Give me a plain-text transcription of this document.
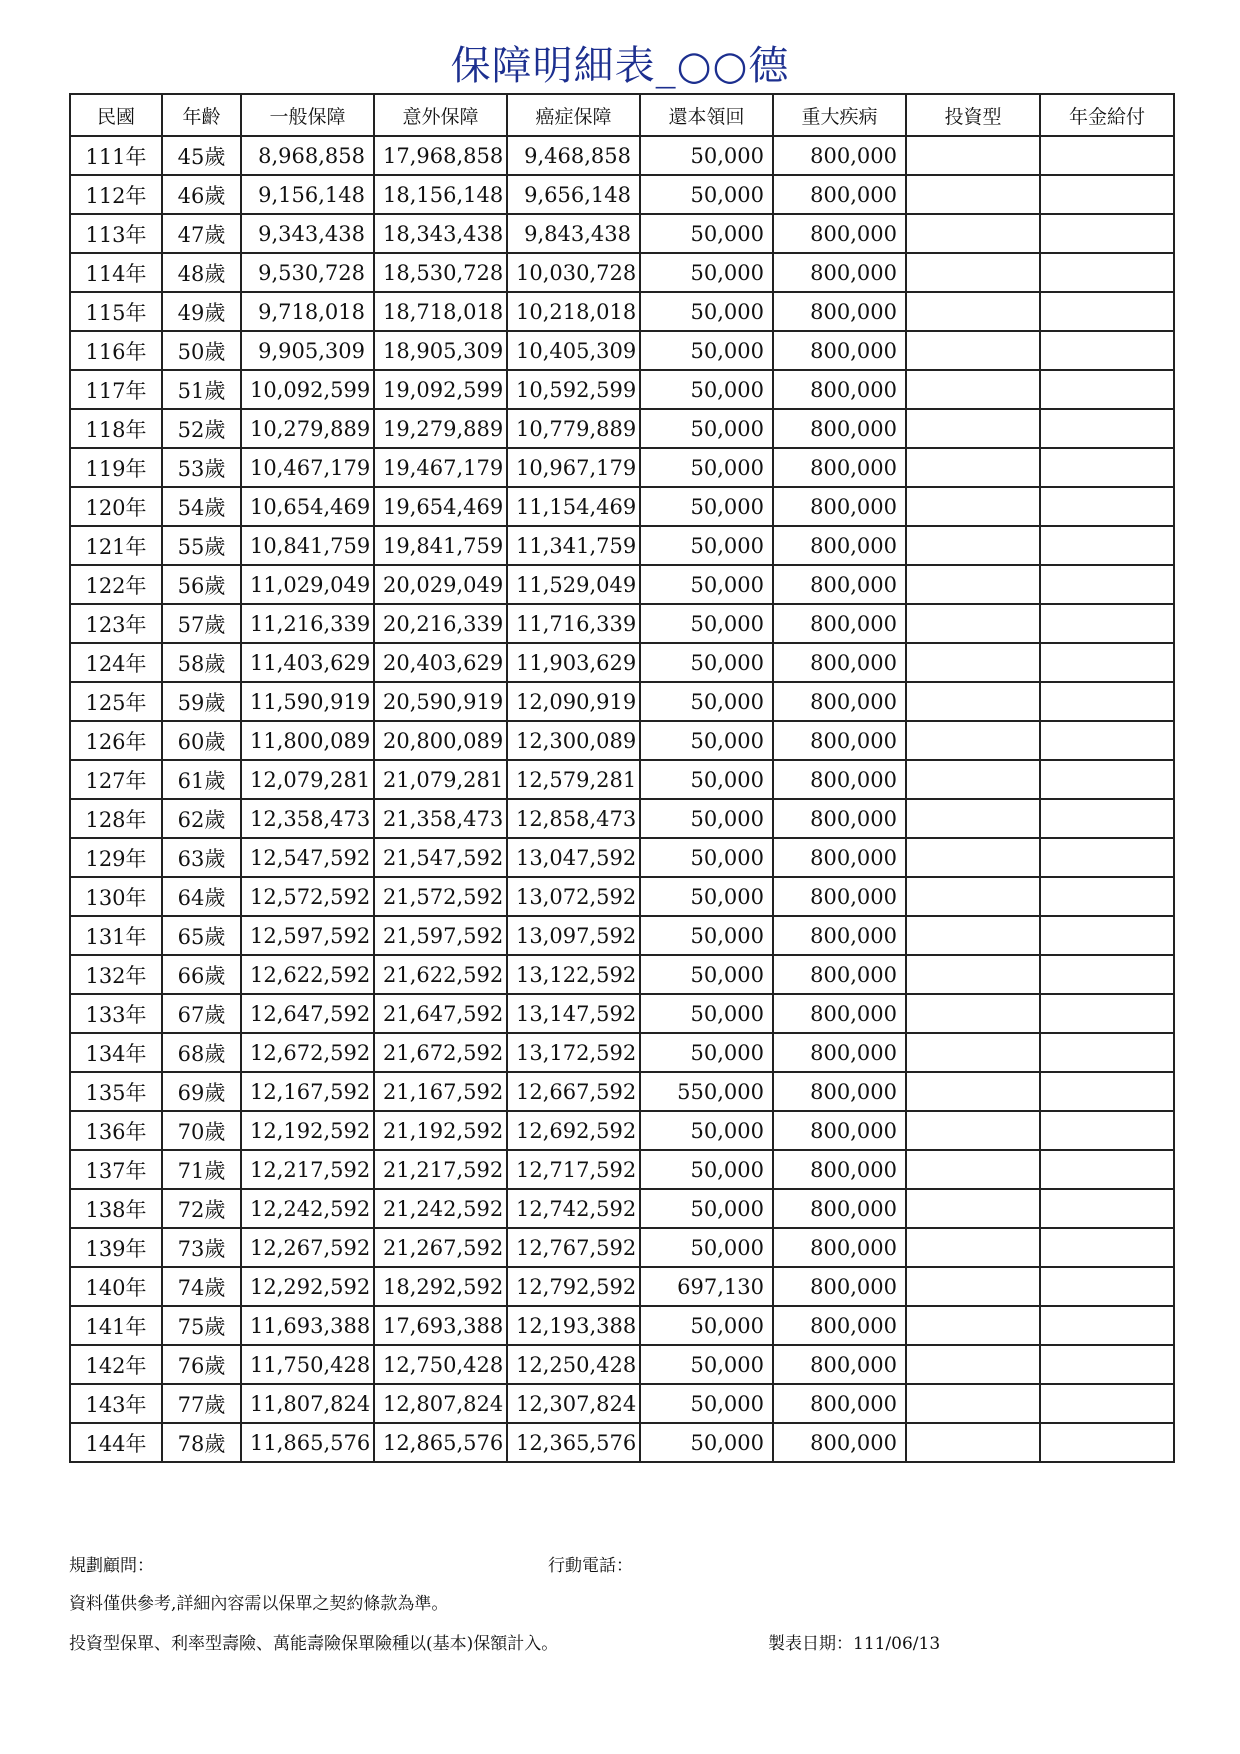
保障明細表_○○德
民國	年齡	一般保障	意外保障	癌症保障	還本領回	重大疾病	投資型	年金給付
111年	45歲	8,968,858	17,968,858	9,468,858	50,000	800,000		
112年	46歲	9,156,148	18,156,148	9,656,148	50,000	800,000		
113年	47歲	9,343,438	18,343,438	9,843,438	50,000	800,000		
114年	48歲	9,530,728	18,530,728	10,030,728	50,000	800,000		
115年	49歲	9,718,018	18,718,018	10,218,018	50,000	800,000		
116年	50歲	9,905,309	18,905,309	10,405,309	50,000	800,000		
117年	51歲	10,092,599	19,092,599	10,592,599	50,000	800,000		
118年	52歲	10,279,889	19,279,889	10,779,889	50,000	800,000		
119年	53歲	10,467,179	19,467,179	10,967,179	50,000	800,000		
120年	54歲	10,654,469	19,654,469	11,154,469	50,000	800,000		
121年	55歲	10,841,759	19,841,759	11,341,759	50,000	800,000		
122年	56歲	11,029,049	20,029,049	11,529,049	50,000	800,000		
123年	57歲	11,216,339	20,216,339	11,716,339	50,000	800,000		
124年	58歲	11,403,629	20,403,629	11,903,629	50,000	800,000		
125年	59歲	11,590,919	20,590,919	12,090,919	50,000	800,000		
126年	60歲	11,800,089	20,800,089	12,300,089	50,000	800,000		
127年	61歲	12,079,281	21,079,281	12,579,281	50,000	800,000		
128年	62歲	12,358,473	21,358,473	12,858,473	50,000	800,000		
129年	63歲	12,547,592	21,547,592	13,047,592	50,000	800,000		
130年	64歲	12,572,592	21,572,592	13,072,592	50,000	800,000		
131年	65歲	12,597,592	21,597,592	13,097,592	50,000	800,000		
132年	66歲	12,622,592	21,622,592	13,122,592	50,000	800,000		
133年	67歲	12,647,592	21,647,592	13,147,592	50,000	800,000		
134年	68歲	12,672,592	21,672,592	13,172,592	50,000	800,000		
135年	69歲	12,167,592	21,167,592	12,667,592	550,000	800,000		
136年	70歲	12,192,592	21,192,592	12,692,592	50,000	800,000		
137年	71歲	12,217,592	21,217,592	12,717,592	50,000	800,000		
138年	72歲	12,242,592	21,242,592	12,742,592	50,000	800,000		
139年	73歲	12,267,592	21,267,592	12,767,592	50,000	800,000		
140年	74歲	12,292,592	18,292,592	12,792,592	697,130	800,000		
141年	75歲	11,693,388	17,693,388	12,193,388	50,000	800,000		
142年	76歲	11,750,428	12,750,428	12,250,428	50,000	800,000		
143年	77歲	11,807,824	12,807,824	12,307,824	50,000	800,000		
144年	78歲	11,865,576	12,865,576	12,365,576	50,000	800,000		
規劃顧問：	行動電話：
資料僅供參考,詳細內容需以保單之契約條款為準。
投資型保單、利率型壽險、萬能壽險保單險種以(基本)保額計入。	製表日期：111/06/13
